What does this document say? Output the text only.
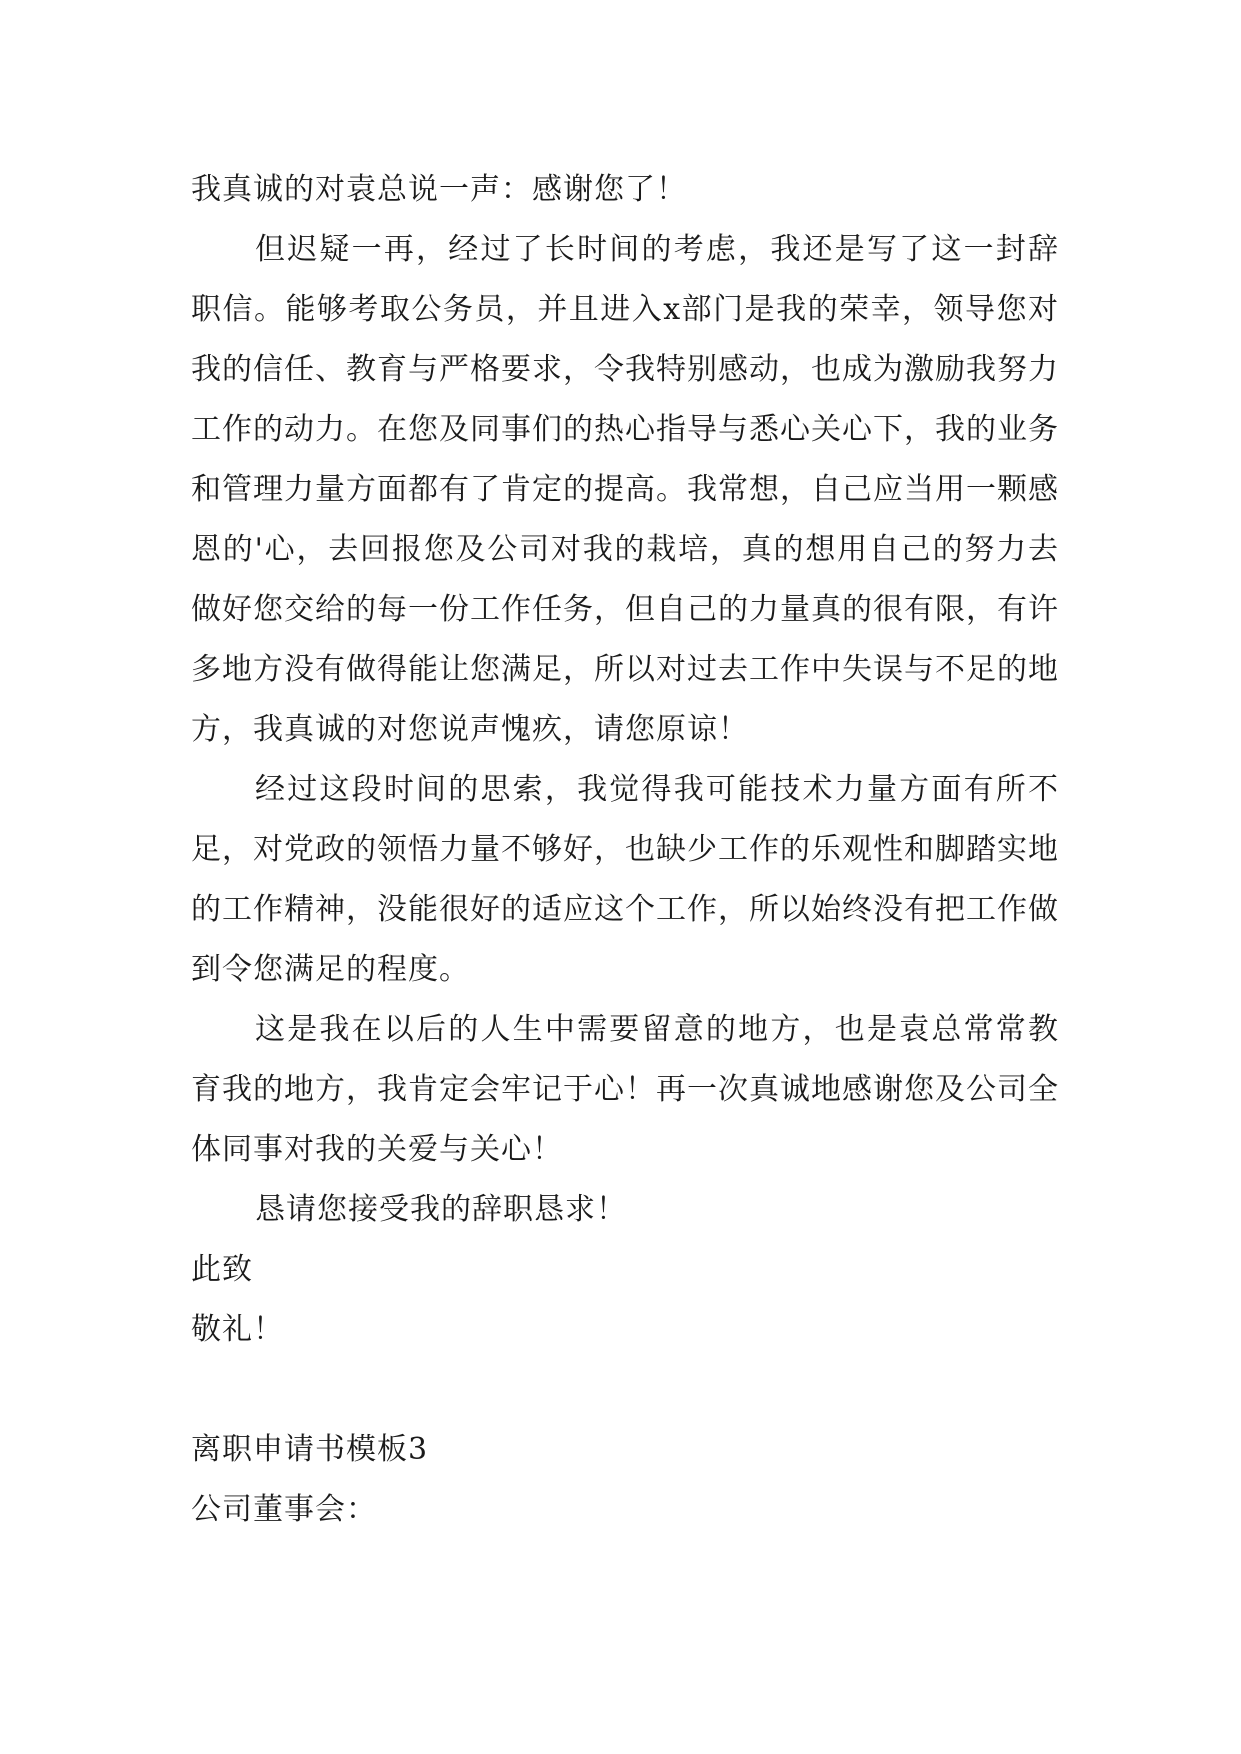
我真诚的对袁总说一声：感谢您了！

但迟疑一再，经过了长时间的考虑，我还是写了这一封辞职信。能够考取公务员，并且进入x部门是我的荣幸，领导您对我的信任、教育与严格要求，令我特别感动，也成为激励我努力工作的动力。在您及同事们的热心指导与悉心关心下，我的业务和管理力量方面都有了肯定的提高。我常想，自己应当用一颗感恩的'心，去回报您及公司对我的栽培，真的想用自己的努力去做好您交给的每一份工作任务，但自己的力量真的很有限，有许多地方没有做得能让您满足，所以对过去工作中失误与不足的地方，我真诚的对您说声愧疚，请您原谅！

经过这段时间的思索，我觉得我可能技术力量方面有所不足，对党政的领悟力量不够好，也缺少工作的乐观性和脚踏实地的工作精神，没能很好的适应这个工作，所以始终没有把工作做到令您满足的程度。

这是我在以后的人生中需要留意的地方，也是袁总常常教育我的地方，我肯定会牢记于心！再一次真诚地感谢您及公司全体同事对我的关爱与关心！

恳请您接受我的辞职恳求！

此致

敬礼！

离职申请书模板3

公司董事会：
